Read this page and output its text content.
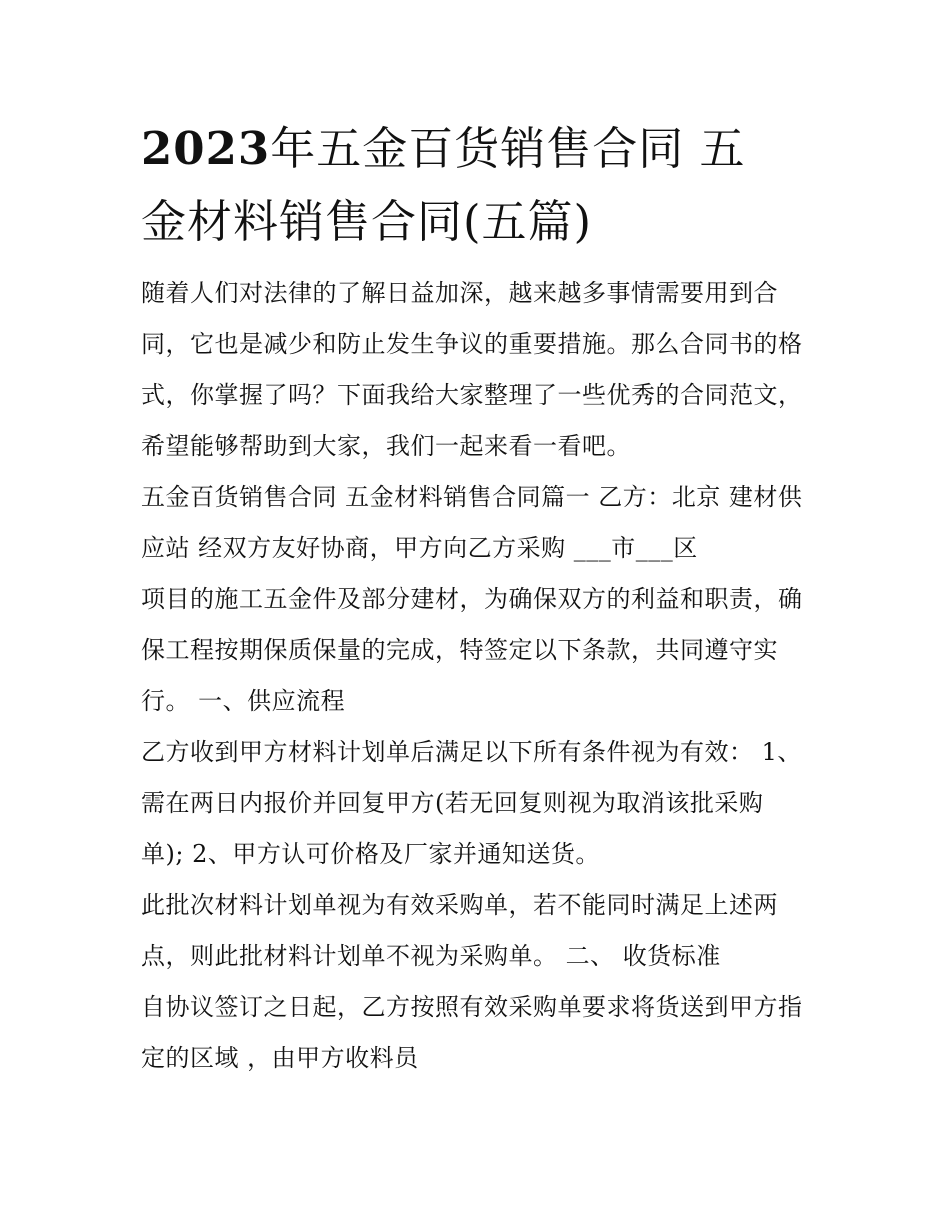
2023年五金百货销售合同 五
金材料销售合同(五篇)

随着人们对法律的了解日益加深，越来越多事情需要用到合

同，它也是减少和防止发生争议的重要措施。那么合同书的格

式，你掌握了吗？下面我给大家整理了一些优秀的合同范文，

希望能够帮助到大家，我们一起来看一看吧。

五金百货销售合同 五金材料销售合同篇一 乙方：北京 建材供

应站 经双方友好协商，甲方向乙方采购 ___市___区

项目的施工五金件及部分建材，为确保双方的利益和职责，确

保工程按期保质保量的完成，特签定以下条款，共同遵守实

行。 一、供应流程

乙方收到甲方材料计划单后满足以下所有条件视为有效： 1、

需在两日内报价并回复甲方(若无回复则视为取消该批采购

单); 2、甲方认可价格及厂家并通知送货。

此批次材料计划单视为有效采购单，若不能同时满足上述两

点，则此批材料计划单不视为采购单。 二、 收货标准

自协议签订之日起，乙方按照有效采购单要求将货送到甲方指

定的区域 ，由甲方收料员
